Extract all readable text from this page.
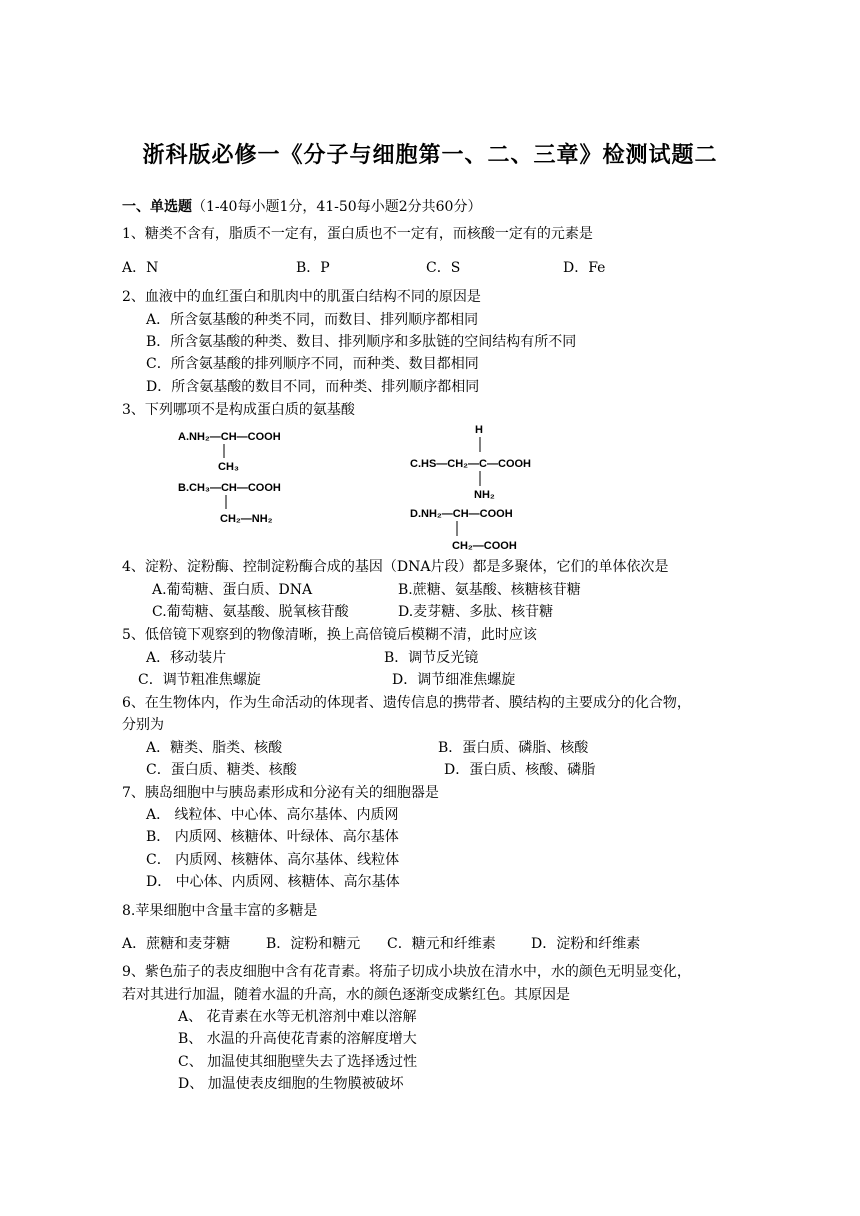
浙科版必修一《分子与细胞第一、二、三章》检测试题二
一、单选题（1-40每小题1分，41-50每小题2分共60分）
1、糖类不含有，脂质不一定有，蛋白质也不一定有，而核酸一定有的元素是
A．N	B．P	C．S	D．Fe
2、血液中的血红蛋白和肌肉中的肌蛋白结构不同的原因是
A．所含氨基酸的种类不同，而数目、排列顺序都相同
B．所含氨基酸的种类、数目、排列顺序和多肽链的空间结构有所不同
C．所含氨基酸的排列顺序不同，而种类、数目都相同
D．所含氨基酸的数目不同，而种类、排列顺序都相同
3、下列哪项不是构成蛋白质的氨基酸
A.NH₂—CH—COOH
CH₃
B.CH₃—CH—COOH
CH₂—NH₂
H
C.HS—CH₂—C—COOH
NH₂
D.NH₂—CH—COOH
CH₂—COOH
4、淀粉、淀粉酶、控制淀粉酶合成的基因（DNA片段）都是多聚体，它们的单体依次是
A.葡萄糖、蛋白质、DNA	B.蔗糖、氨基酸、核糖核苷糖
C.葡萄糖、氨基酸、脱氧核苷酸	D.麦芽糖、多肽、核苷糖
5、低倍镜下观察到的物像清晰，换上高倍镜后模糊不清，此时应该
A．移动装片	B．调节反光镜
C．调节粗准焦螺旋	D．调节细准焦螺旋
6、在生物体内，作为生命活动的体现者、遗传信息的携带者、膜结构的主要成分的化合物，
分别为
A．糖类、脂类、核酸	B．蛋白质、磷脂、核酸
C．蛋白质、糖类、核酸	D．蛋白质、核酸、磷脂
7、胰岛细胞中与胰岛素形成和分泌有关的细胞器是
A． 线粒体、中心体、高尔基体、内质网
B． 内质网、核糖体、叶绿体、高尔基体
C． 内质网、核糖体、高尔基体、线粒体
D． 中心体、内质网、核糖体、高尔基体
8.苹果细胞中含量丰富的多糖是
A．蔗糖和麦芽糖	B．淀粉和糖元 C．糖元和纤维素	D．淀粉和纤维素
9、紫色茄子的表皮细胞中含有花青素。将茄子切成小块放在清水中，水的颜色无明显变化，
若对其进行加温，随着水温的升高，水的颜色逐渐变成紫红色。其原因是
A、 花青素在水等无机溶剂中难以溶解
B、 水温的升高使花青素的溶解度增大
C、 加温使其细胞壁失去了选择透过性
D、 加温使表皮细胞的生物膜被破坏
